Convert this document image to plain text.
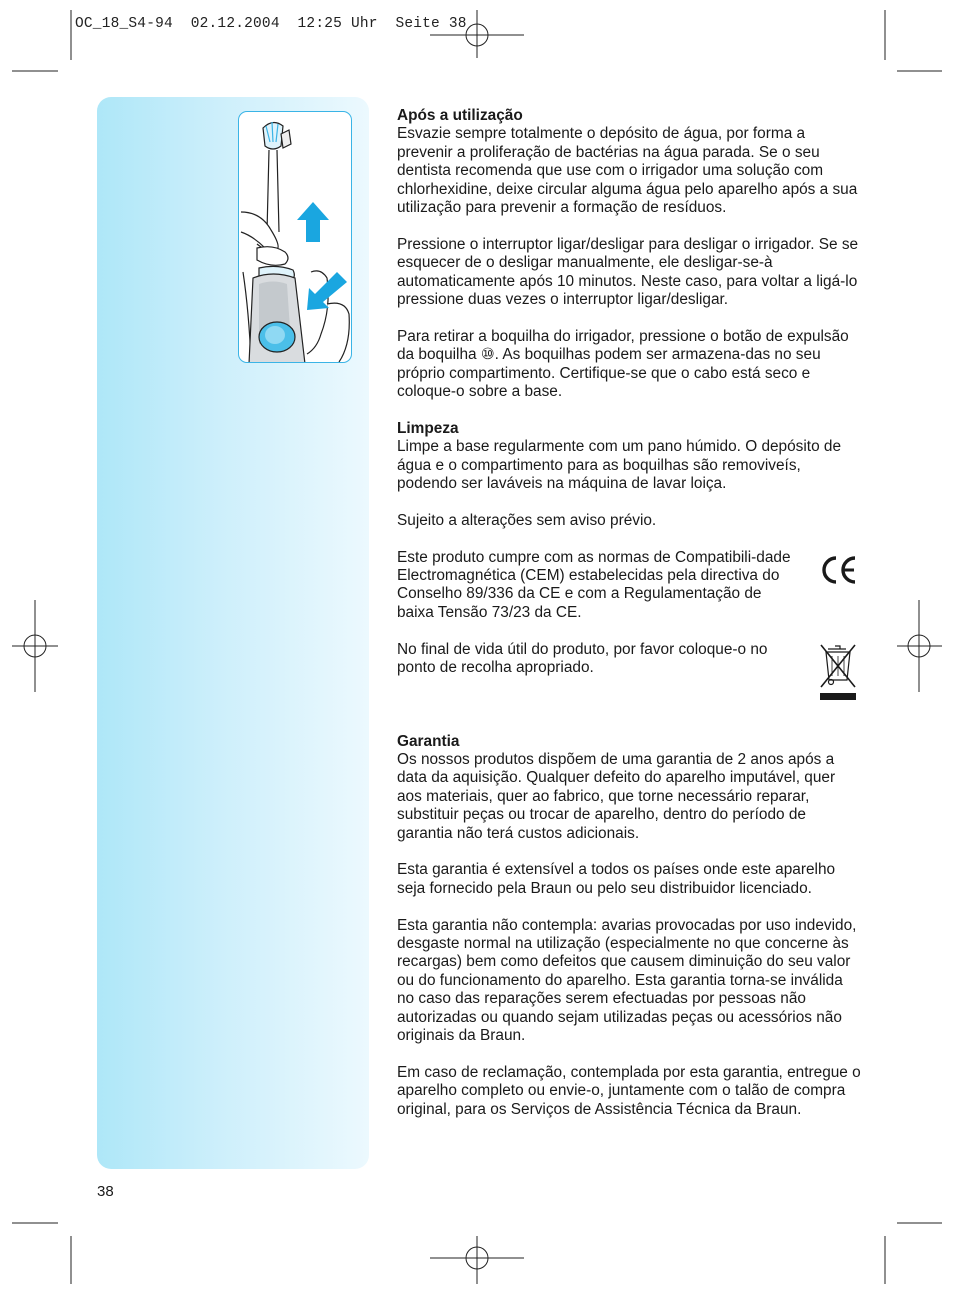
OC_18_S4-94  02.12.2004  12:25 Uhr  Seite 38
Após a utilização

Esvazie sempre totalmente o depósito de água, por forma a prevenir a proliferação de bactérias na água parada. Se o seu dentista recomenda que use com o irrigador uma solução com chlorhexidine, deixe circular alguma água pelo aparelho após a sua utilização para prevenir a formação de resíduos.

Pressione o interruptor ligar/desligar para desligar o irrigador. Se se esquecer de o desligar manualmente, ele desligar-se-à automaticamente após 10 minutos. Neste caso, para voltar a ligá-lo pressione duas vezes o interruptor ligar/desligar.

Para retirar a boquilha do irrigador, pressione o botão de expulsão da boquilha ⑩. As boquilhas podem ser armazena-das no seu próprio compartimento. Certifique-se que o cabo está seco e coloque-o sobre a base.

Limpeza

Limpe a base regularmente com um pano húmido. O depósito de água e o compartimento para as boquilhas são removiveís, podendo ser laváveis na máquina de lavar loiça.

Sujeito a alterações sem aviso prévio.

Este produto cumpre com as normas de Compatibili-dade Electromagnética (CEM) estabelecidas pela directiva do Conselho 89/336 da CE e com a Regulamentação de baixa Tensão 73/23 da CE.

No final de vida útil do produto, por favor coloque-o no ponto de recolha apropriado.

Garantia

Os nossos produtos dispõem de uma garantia de 2 anos após a data da aquisição. Qualquer defeito do aparelho imputável, quer aos materiais, quer ao fabrico, que torne necessário reparar, substituir peças ou trocar de aparelho, dentro do período de garantia não terá custos adicionais.

Esta garantia é extensível a todos os países onde este aparelho seja fornecido pela Braun ou pelo seu distribuidor licenciado.

Esta garantia não contempla: avarias provocadas por uso indevido, desgaste normal na utilização (especialmente no que concerne às recargas) bem como defeitos que causem diminuição do seu valor ou do funcionamento do aparelho. Esta garantia torna-se inválida no caso das reparações serem efectuadas por pessoas não autorizadas ou quando sejam utilizadas peças ou acessórios não originais da Braun.

Em caso de reclamação, contemplada por esta garantia, entregue o aparelho completo ou envie-o, juntamente com o talão de compra original, para os Serviços de Assistência Técnica da Braun.

38
